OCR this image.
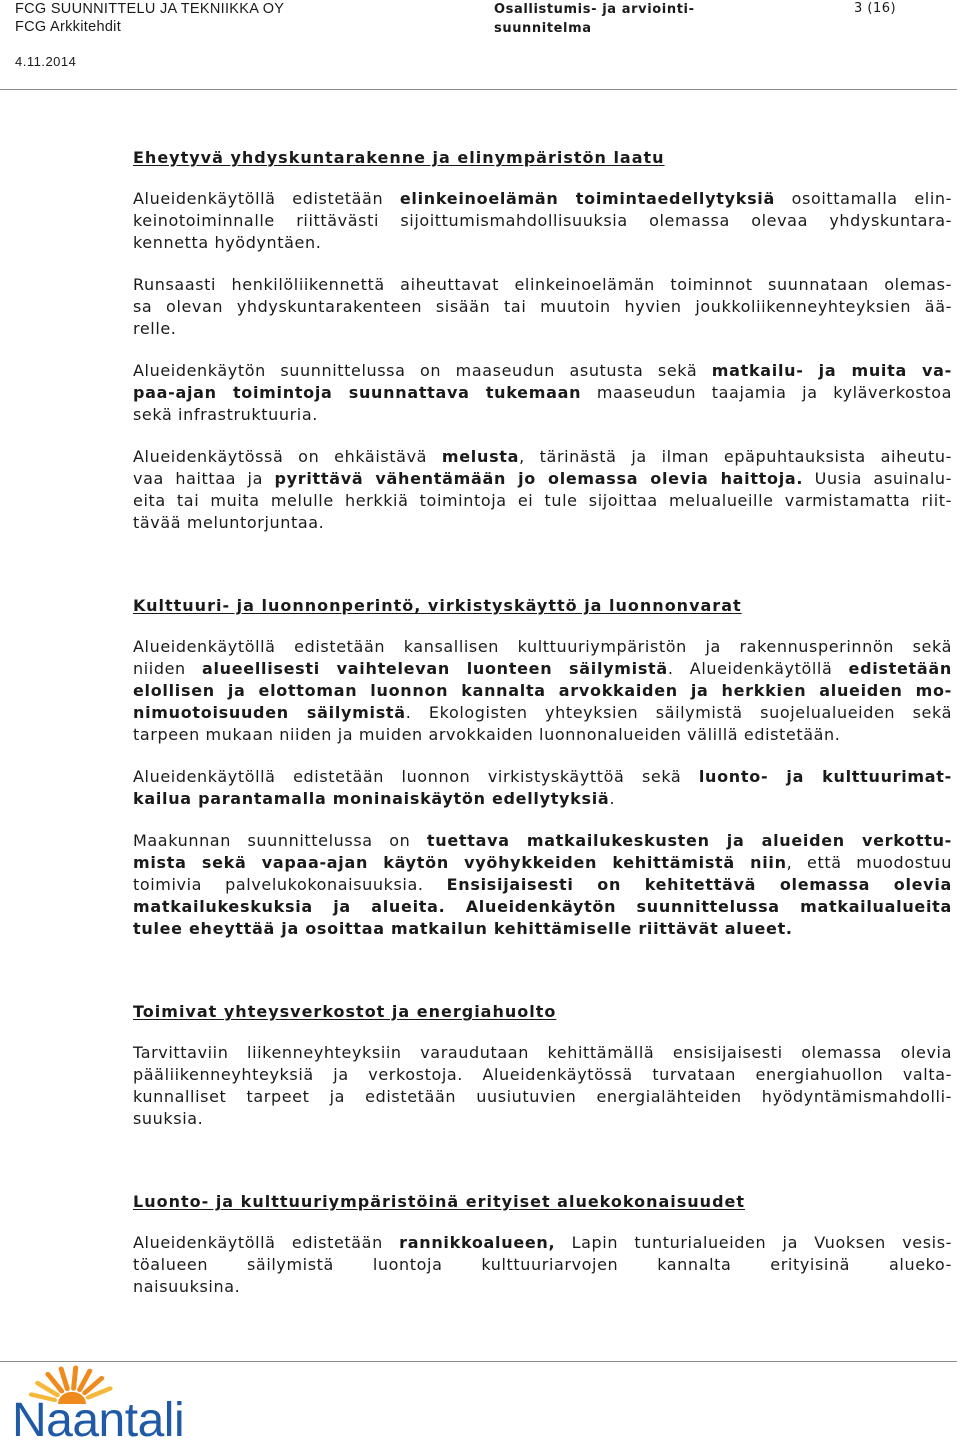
FCG SUUNNITTELU JA TEKNIIKKA OY
FCG Arkkitehdit
4.11.2014
Osallistumis- ja arviointi-
suunnitelma
3 (16)
Eheytyvä yhdyskuntarakenne ja elinympäristön laatu
Alueidenkäytöllä edistetään elinkeinoelämän toimintaedellytyksiä osoittamalla elin-
keinotoiminnalle riittävästi sijoittumismahdollisuuksia olemassa olevaa yhdyskuntara-
kennetta hyödyntäen.
Runsaasti henkilöliikennettä aiheuttavat elinkeinoelämän toiminnot suunnataan olemas-
sa olevan yhdyskuntarakenteen sisään tai muutoin hyvien joukkoliikenneyhteyksien ää-
relle.
Alueidenkäytön suunnittelussa on maaseudun asutusta sekä matkailu- ja muita va-
paa-ajan toimintoja suunnattava tukemaan maaseudun taajamia ja kyläverkostoa
sekä infrastruktuuria.
Alueidenkäytössä on ehkäistävä melusta, tärinästä ja ilman epäpuhtauksista aiheutu-
vaa haittaa ja pyrittävä vähentämään jo olemassa olevia haittoja. Uusia asuinalu-
eita tai muita melulle herkkiä toimintoja ei tule sijoittaa melualueille varmistamatta riit-
tävää meluntorjuntaa.
Kulttuuri- ja luonnonperintö, virkistyskäyttö ja luonnonvarat
Alueidenkäytöllä edistetään kansallisen kulttuuriympäristön ja rakennusperinnön sekä
niiden alueellisesti vaihtelevan luonteen säilymistä. Alueidenkäytöllä edistetään
elollisen ja elottoman luonnon kannalta arvokkaiden ja herkkien alueiden mo-
nimuotoisuuden säilymistä. Ekologisten yhteyksien säilymistä suojelualueiden sekä
tarpeen mukaan niiden ja muiden arvokkaiden luonnonalueiden välillä edistetään.
Alueidenkäytöllä edistetään luonnon virkistyskäyttöä sekä luonto- ja kulttuurimat-
kailua parantamalla moninaiskäytön edellytyksiä.
Maakunnan suunnittelussa on tuettava matkailukeskusten ja alueiden verkottu-
mista sekä vapaa-ajan käytön vyöhykkeiden kehittämistä niin, että muodostuu
toimivia palvelukokonaisuuksia. Ensisijaisesti on kehitettävä olemassa olevia
matkailukeskuksia ja alueita. Alueidenkäytön suunnittelussa matkailualueita
tulee eheyttää ja osoittaa matkailun kehittämiselle riittävät alueet.
Toimivat yhteysverkostot ja energiahuolto
Tarvittaviin liikenneyhteyksiin varaudutaan kehittämällä ensisijaisesti olemassa olevia
pääliikenneyhteyksiä ja verkostoja. Alueidenkäytössä turvataan energiahuollon valta-
kunnalliset tarpeet ja edistetään uusiutuvien energialähteiden hyödyntämismahdolli-
suuksia.
Luonto- ja kulttuuriympäristöinä erityiset aluekokonaisuudet
Alueidenkäytöllä edistetään rannikkoalueen, Lapin tunturialueiden ja Vuoksen vesis-
töalueen säilymistä luontoja kulttuuriarvojen kannalta erityisinä alueko-
naisuuksina.
Naantali
